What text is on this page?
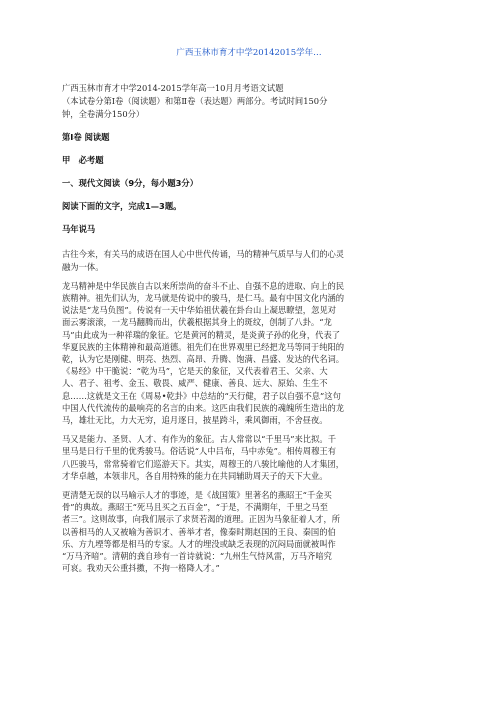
广西玉林市育才中学20142015学年…

广西玉林市育才中学2014-2015学年高一10月月考语文试题

（本试卷分第Ⅰ卷（阅读题）和第Ⅱ卷（表达题）两部分。考试时间150分

钟，全卷满分150分）

第Ⅰ卷 阅读题

甲　必考题

一、现代文阅读（9分，每小题3分）

阅读下面的文字，完成1—3题。

马年说马

古往今来，有关马的成语在国人心中世代传诵，马的精神气质早与人们的心灵

融为一体。

龙马精神是中华民族自古以来所崇尚的奋斗不止、自强不息的进取、向上的民

族精神。祖先们认为，龙马就是传说中的骏马，是仁马。最有中国文化内涵的

说法是“龙马负图”。传说有一天中华始祖伏羲在卦台山上凝思瞭望，忽见对

面云雾滚滚，一龙马翻腾而出，伏羲根据其身上的斑纹，创制了八卦。“龙

马”由此成为一种祥瑞的象征。它是黄河的精灵，是炎黄子孙的化身，代表了

华夏民族的主体精神和最高道德。祖先们在世界观里已经把龙马等同于纯阳的

乾，认为它是刚健、明亮、热烈、高昂、升腾、饱满、昌盛、发达的代名词。

《易经》中干脆说：“乾为马”，它是天的象征，又代表着君王、父亲、大

人、君子、祖考、金玉、敬畏、威严、健康、善良、远大、原始、生生不

息……这就是文王在《周易•乾卦》中总结的“天行健，君子以自强不息”这句

中国人代代流传的最响亮的名言的由来。这匹由我们民族的魂魄所生造出的龙

马，雄壮无比，力大无穷，追月逐日，披星跨斗，乘风御雨，不舍昼夜。

马又是能力、圣贤、人才、有作为的象征。古人常常以“千里马”来比拟。千

里马是日行千里的优秀骏马。俗话说“人中吕布，马中赤兔”。相传周穆王有

八匹骏马，常常骑着它们巡游天下。其实，周穆王的八骏比喻他的人才集团，

才华卓越，本领非凡，各自用特殊的能力在共同辅助周天子的天下大业。

更清楚无误的以马喻示人才的事迹，是《战国策》里著名的燕昭王“千金买

骨”的典故。燕昭王“死马且买之五百金”，“于是，不满期年，千里之马至

者三”。这则故事，向我们展示了求贤若渴的道理。正因为马象征着人才，所

以善相马的人又被喻为善识才、善举才者，像秦时期赵国的王良、秦国的伯

乐、方九堙等都是相马的专家。人才的埋没或缺乏表现的沉闷局面就被叫作

“万马齐喑”。清朝的龚自珍有一首诗就说：“九州生气恃风雷，万马齐喑究

可哀。我劝天公重抖擞，不拘一格降人才。”
